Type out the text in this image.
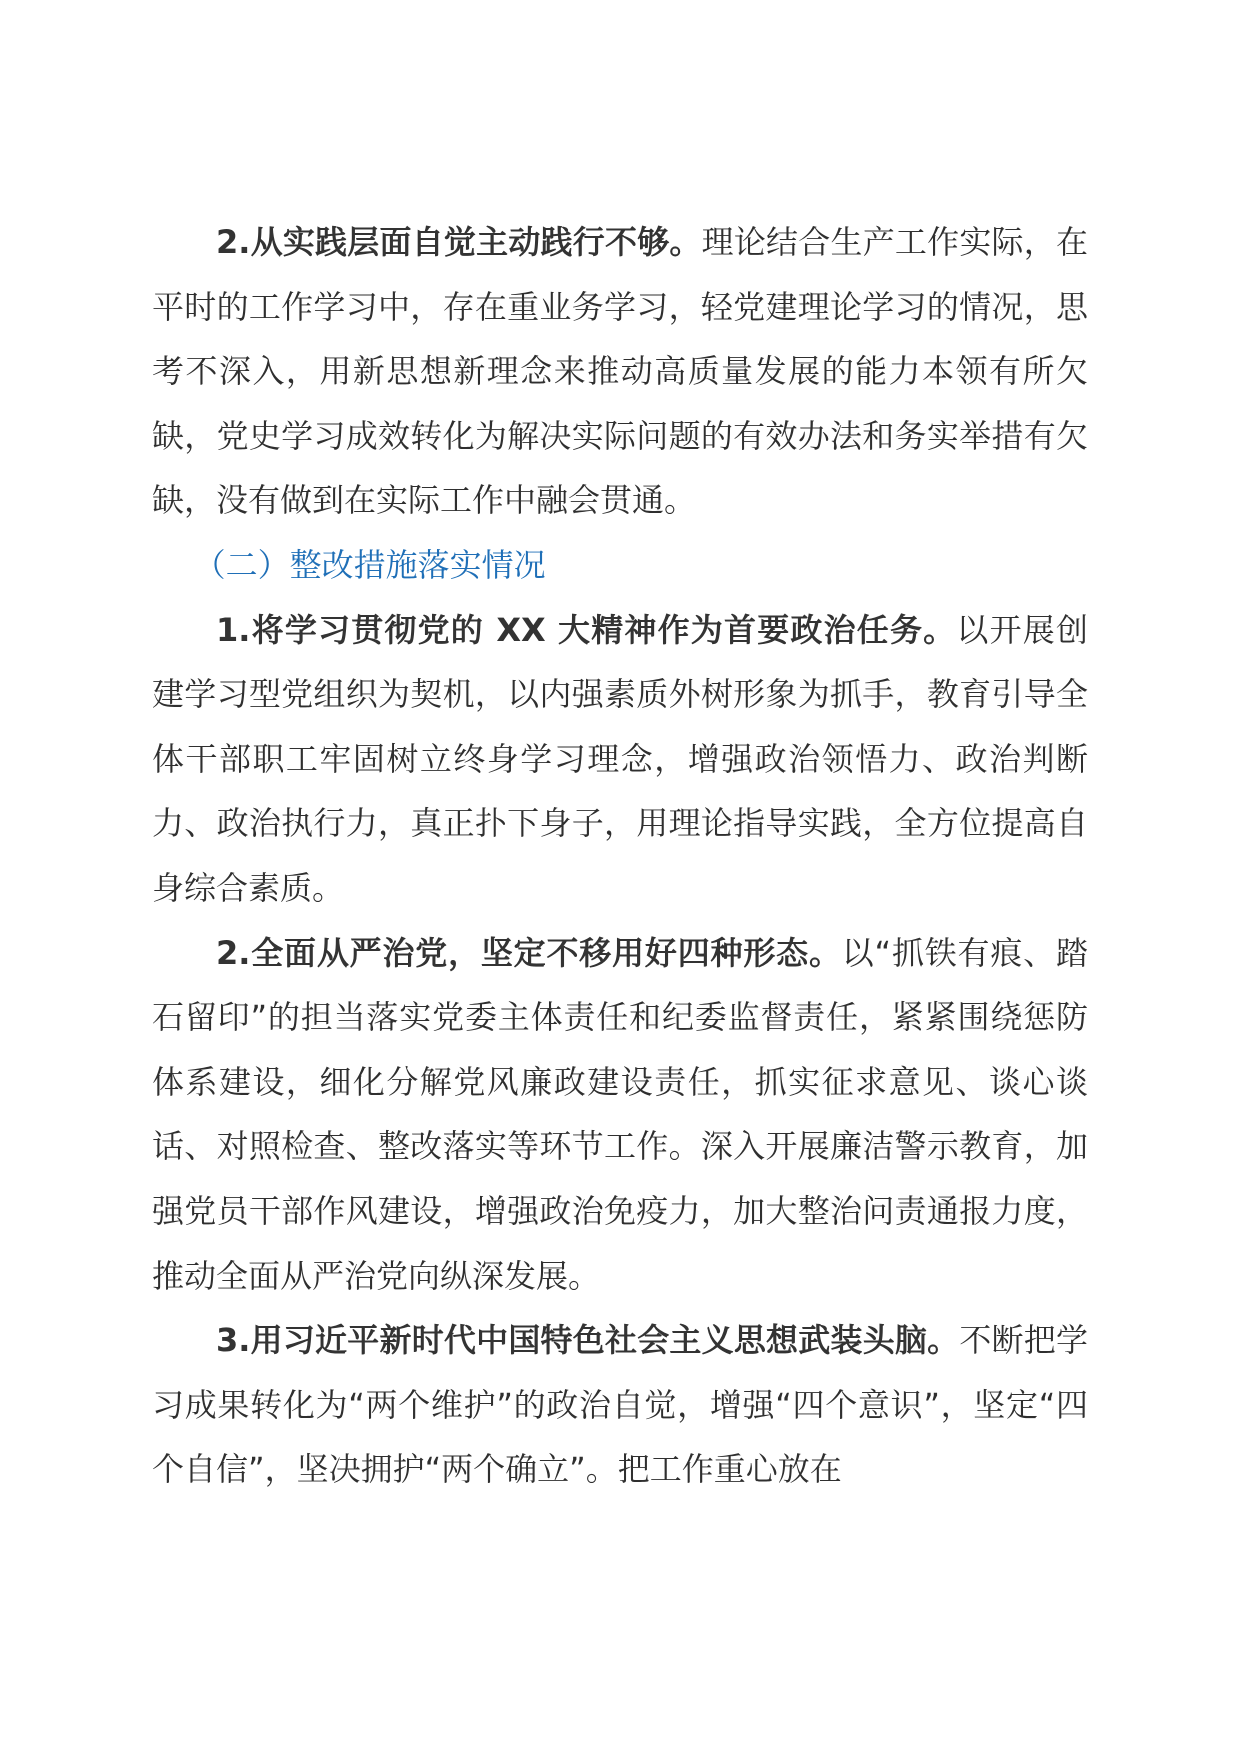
2.从实践层面自觉主动践行不够。理论结合生产工作实际，在平时的工作学习中，存在重业务学习，轻党建理论学习的情况，思考不深入，用新思想新理念来推动高质量发展的能力本领有所欠缺，党史学习成效转化为解决实际问题的有效办法和务实举措有欠缺，没有做到在实际工作中融会贯通。

（二）整改措施落实情况

1.将学习贯彻党的 XX 大精神作为首要政治任务。以开展创建学习型党组织为契机，以内强素质外树形象为抓手，教育引导全体干部职工牢固树立终身学习理念，增强政治领悟力、政治判断力、政治执行力，真正扑下身子，用理论指导实践，全方位提高自身综合素质。

2.全面从严治党，坚定不移用好四种形态。以“抓铁有痕、踏石留印”的担当落实党委主体责任和纪委监督责任，紧紧围绕惩防体系建设，细化分解党风廉政建设责任，抓实征求意见、谈心谈话、对照检查、整改落实等环节工作。深入开展廉洁警示教育，加强党员干部作风建设，增强政治免疫力，加大整治问责通报力度，推动全面从严治党向纵深发展。

3.用习近平新时代中国特色社会主义思想武装头脑。不断把学习成果转化为“两个维护”的政治自觉，增强“四个意识”，坚定“四个自信”，坚决拥护“两个确立”。把工作重心放在
